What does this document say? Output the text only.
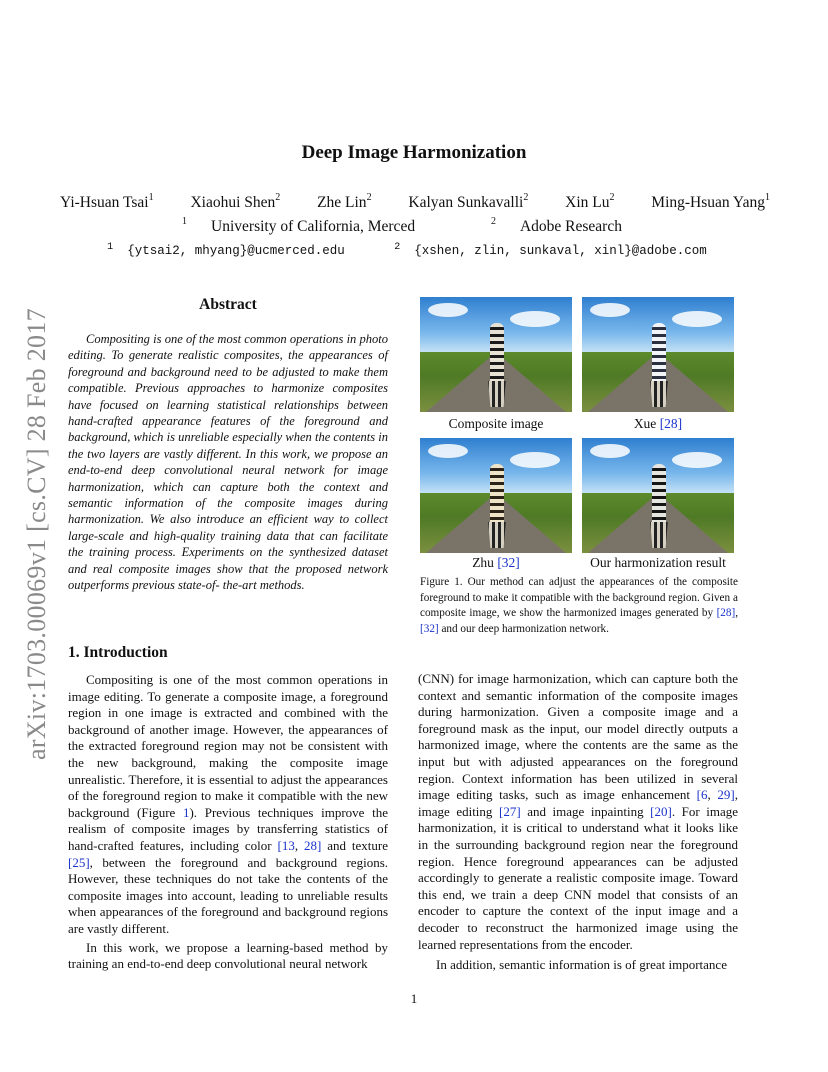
arXiv:1703.00069v1 [cs.CV] 28 Feb 2017
Deep Image Harmonization
Yi-Hsuan Tsai$^1$ Xiaohui Shen$^2$ Zhe Lin$^2$ Kalyan Sunkavalli$^2$ Xin Lu$^2$ Ming-Hsuan Yang$^1$
$^1$ University of California, Merced	$^2$ Adobe Research
$^1$ {ytsai2, mhyang}@ucmerced.edu	$^2$ {xshen, zlin, sunkaval, xinl}@adobe.com
Abstract
Compositing is one of the most common operations in photo editing. To generate realistic composites, the appearances of foreground and background need to be adjusted to make them compatible. Previous approaches to harmonize composites have focused on learning statistical relationships between hand-crafted appearance features of the foreground and background, which is unreliable especially when the contents in the two layers are vastly different. In this work, we propose an end-to-end deep convolutional neural network for image harmonization, which can capture both the context and semantic information of the composite images during harmonization. We also introduce an efficient way to collect large-scale and high-quality training data that can facilitate the training process. Experiments on the synthesized dataset and real composite images show that the proposed network outperforms previous state-of- the-art methods.
Composite image	Xue [28]
Zhu [32]	Our harmonization result
Figure 1. Our method can adjust the appearances of the composite foreground to make it compatible with the background region. Given a composite image, we show the harmonized images generated by [28], [32] and our deep harmonization network.
1. Introduction

Compositing is one of the most common operations in image editing. To generate a composite image, a foreground region in one image is extracted and combined with the background of another image. However, the appearances of the extracted foreground region may not be consistent with the new background, making the composite image unrealistic. Therefore, it is essential to adjust the appearances of the foreground region to make it compatible with the new background (Figure 1). Previous techniques improve the realism of composite images by transferring statistics of hand-crafted features, including color [13, 28] and texture [25], between the foreground and background regions. However, these techniques do not take the contents of the composite images into account, leading to unreliable results when appearances of the foreground and background regions are vastly different.

In this work, we propose a learning-based method by training an end-to-end deep convolutional neural network

(CNN) for image harmonization, which can capture both the context and semantic information of the composite images during harmonization. Given a composite image and a foreground mask as the input, our model directly outputs a harmonized image, where the contents are the same as the input but with adjusted appearances on the foreground region. Context information has been utilized in several image editing tasks, such as image enhancement [6, 29], image editing [27] and image inpainting [20]. For image harmonization, it is critical to understand what it looks like in the surrounding background region near the foreground region. Hence foreground appearances can be adjusted accordingly to generate a realistic composite image. Toward this end, we train a deep CNN model that consists of an encoder to capture the context of the input image and a decoder to reconstruct the harmonized image using the learned representations from the encoder.

In addition, semantic information is of great importance

1
